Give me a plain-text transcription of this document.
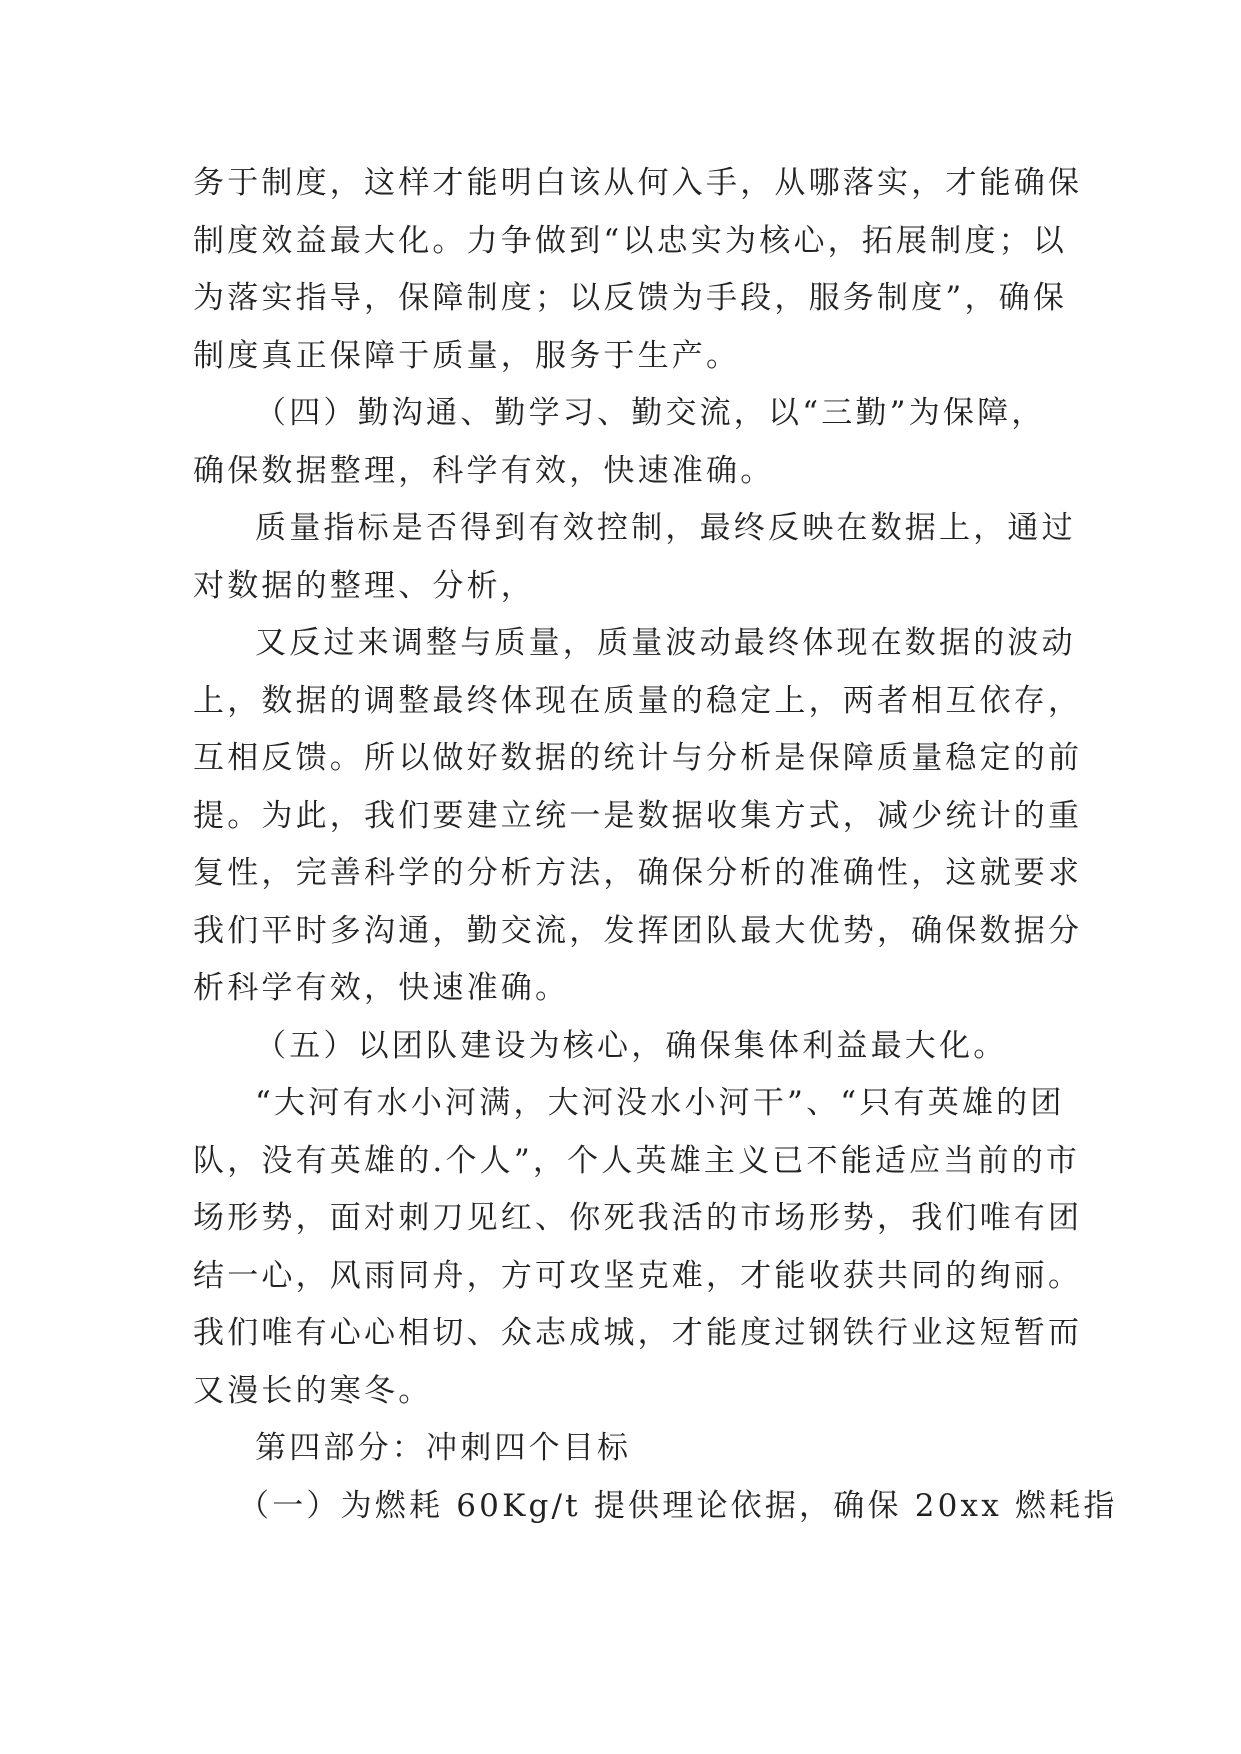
务于制度，这样才能明白该从何入手，从哪落实，才能确保
制度效益最大化。力争做到“以忠实为核心，拓展制度；以
为落实指导，保障制度；以反馈为手段，服务制度”，确保
制度真正保障于质量，服务于生产。
（四）勤沟通、勤学习、勤交流，以“三勤”为保障，
确保数据整理，科学有效，快速准确。
质量指标是否得到有效控制，最终反映在数据上，通过
对数据的整理、分析，
又反过来调整与质量，质量波动最终体现在数据的波动
上，数据的调整最终体现在质量的稳定上，两者相互依存，
互相反馈。所以做好数据的统计与分析是保障质量稳定的前
提。为此，我们要建立统一是数据收集方式，减少统计的重
复性，完善科学的分析方法，确保分析的准确性，这就要求
我们平时多沟通，勤交流，发挥团队最大优势，确保数据分
析科学有效，快速准确。
（五）以团队建设为核心，确保集体利益最大化。
“大河有水小河满，大河没水小河干”、“只有英雄的团
队，没有英雄的.个人”，个人英雄主义已不能适应当前的市
场形势，面对刺刀见红、你死我活的市场形势，我们唯有团
结一心，风雨同舟，方可攻坚克难，才能收获共同的绚丽。
我们唯有心心相切、众志成城，才能度过钢铁行业这短暂而
又漫长的寒冬。
第四部分：冲刺四个目标
（一）为燃耗 60Kg/t 提供理论依据，确保 20xx 燃耗指
